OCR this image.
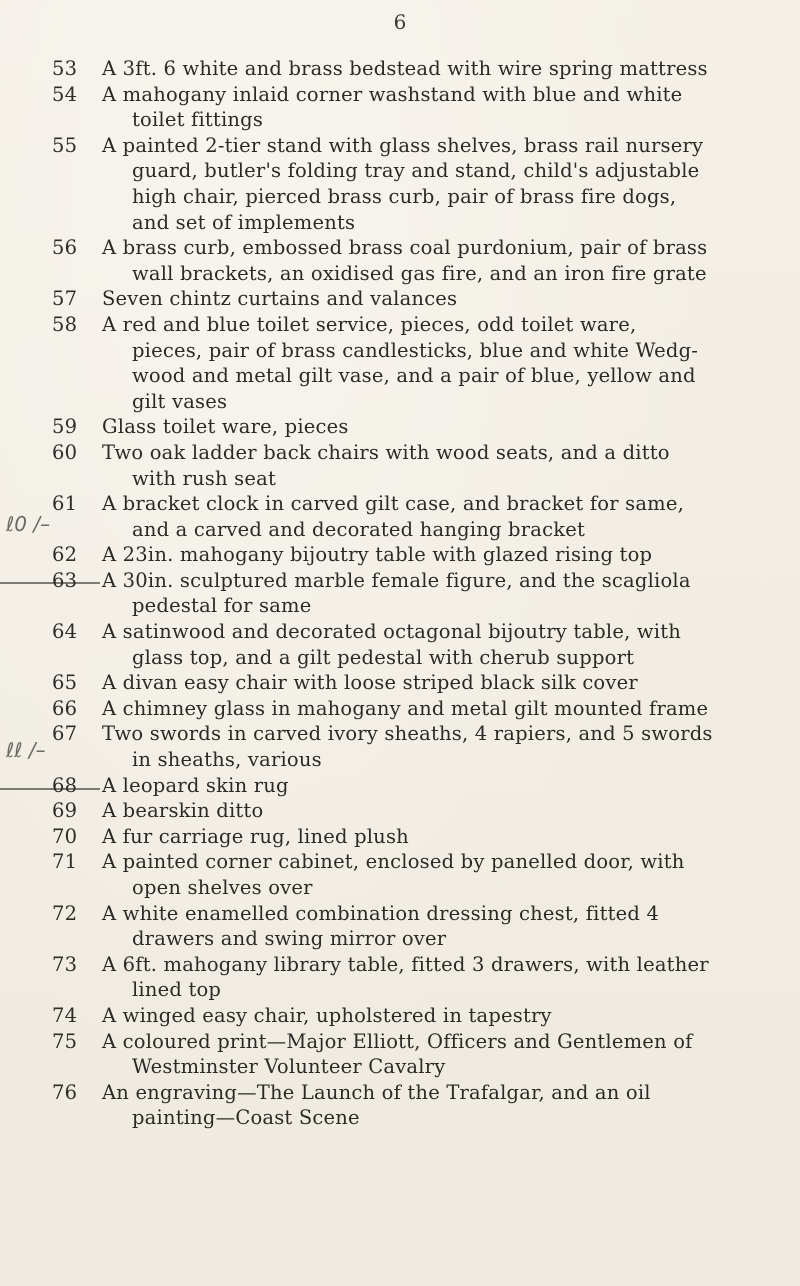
6
ℓ0 /–
ℓℓ /–
53	A 3ft. 6 white and brass bedstead with wire spring mattress
54	A mahogany inlaid corner washstand with blue and white
toilet fittings
55	A painted 2-tier stand with glass shelves, brass rail nursery
guard, butler's folding tray and stand, child's adjustable
high chair, pierced brass curb, pair of brass fire dogs,
and set of implements
56	A brass curb, embossed brass coal purdonium, pair of brass
wall brackets, an oxidised gas fire, and an iron fire grate
57	Seven chintz curtains and valances
58	A red and blue toilet service, pieces, odd toilet ware,
pieces, pair of brass candlesticks, blue and white Wedg-
wood and metal gilt vase, and a pair of blue, yellow and
gilt vases
59	Glass toilet ware, pieces
60	Two oak ladder back chairs with wood seats, and a ditto
with rush seat
61	A bracket clock in carved gilt case, and bracket for same,
and a carved and decorated hanging bracket
62	A 23in. mahogany bijoutry table with glazed rising top
63	A 30in. sculptured marble female figure, and the scagliola
pedestal for same
64	A satinwood and decorated octagonal bijoutry table, with
glass top, and a gilt pedestal with cherub support
65	A divan easy chair with loose striped black silk cover
66	A chimney glass in mahogany and metal gilt mounted frame
67	Two swords in carved ivory sheaths, 4 rapiers, and 5 swords
in sheaths, various
68	A leopard skin rug
69	A bearskin ditto
70	A fur carriage rug, lined plush
71	A painted corner cabinet, enclosed by panelled door, with
open shelves over
72	A white enamelled combination dressing chest, fitted 4
drawers and swing mirror over
73	A 6ft. mahogany library table, fitted 3 drawers, with leather
lined top
74	A winged easy chair, upholstered in tapestry
75	A coloured print—Major Elliott, Officers and Gentlemen of
Westminster Volunteer Cavalry
76	An engraving—The Launch of the Trafalgar, and an oil
painting—Coast Scene
